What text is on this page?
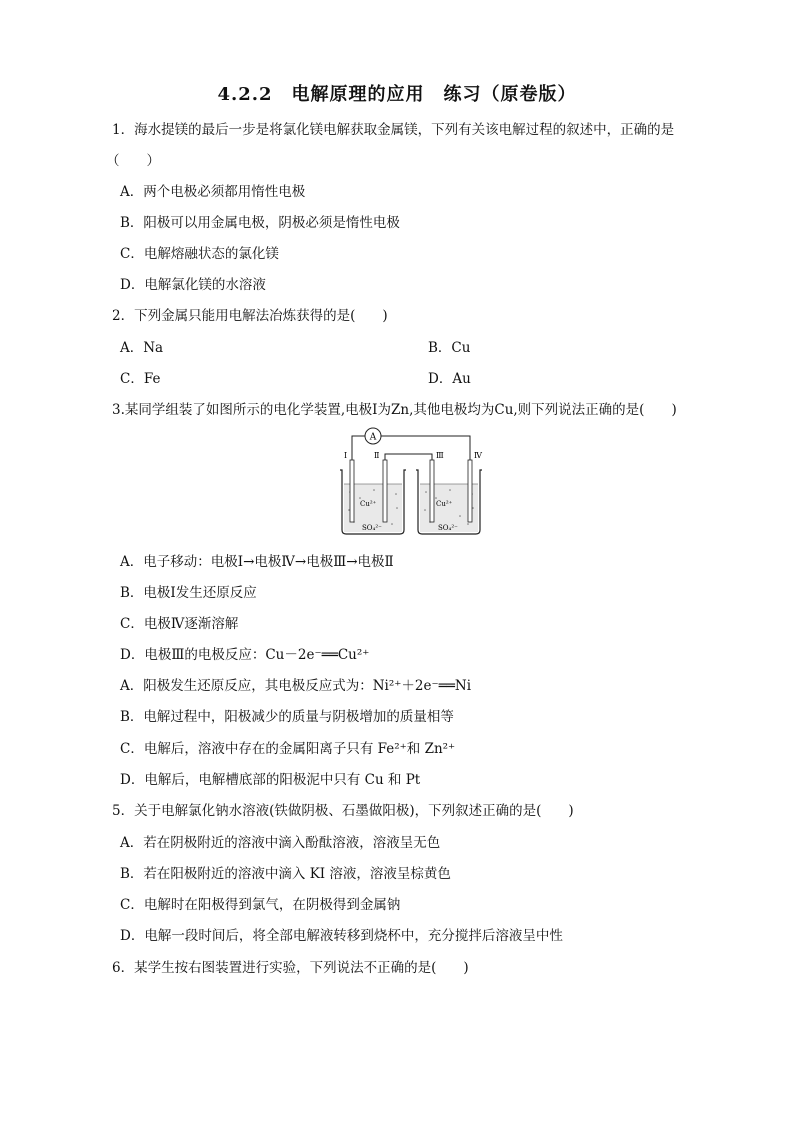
4.2.2　电解原理的应用　练习（原卷版）
1．海水提镁的最后一步是将氯化镁电解获取金属镁，下列有关该电解过程的叙述中，正确的是
（　　）
A．两个电极必须都用惰性电极
B．阳极可以用金属电极，阴极必须是惰性电极
C．电解熔融状态的氯化镁
D．电解氯化镁的水溶液
2．下列金属只能用电解法冶炼获得的是(　　)
A．Na	B．Cu
C．Fe	D．Au
3.某同学组装了如图所示的电化学装置,电极Ⅰ为Zn,其他电极均为Cu,则下列说法正确的是(　　)
A
Ⅰ	Ⅱ	Ⅲ	Ⅳ
Cu²⁺
SO₄²⁻
Cu²⁺
SO₄²⁻
A．电子移动：电极Ⅰ→电极Ⅳ→电极Ⅲ→电极Ⅱ
B．电极Ⅰ发生还原反应
C．电极Ⅳ逐渐溶解
D．电极Ⅲ的电极反应：Cu－2e⁻══Cu²⁺
A．阳极发生还原反应，其电极反应式为：Ni²⁺＋2e⁻══Ni
B．电解过程中，阳极减少的质量与阴极增加的质量相等
C．电解后，溶液中存在的金属阳离子只有 Fe²⁺和 Zn²⁺
D．电解后，电解槽底部的阳极泥中只有 Cu 和 Pt
5．关于电解氯化钠水溶液(铁做阴极、石墨做阳极)，下列叙述正确的是(　　)
A．若在阴极附近的溶液中滴入酚酞溶液，溶液呈无色
B．若在阳极附近的溶液中滴入 KI 溶液，溶液呈棕黄色
C．电解时在阳极得到氯气，在阴极得到金属钠
D．电解一段时间后，将全部电解液转移到烧杯中，充分搅拌后溶液呈中性
6．某学生按右图装置进行实验，下列说法不正确的是(　　)
